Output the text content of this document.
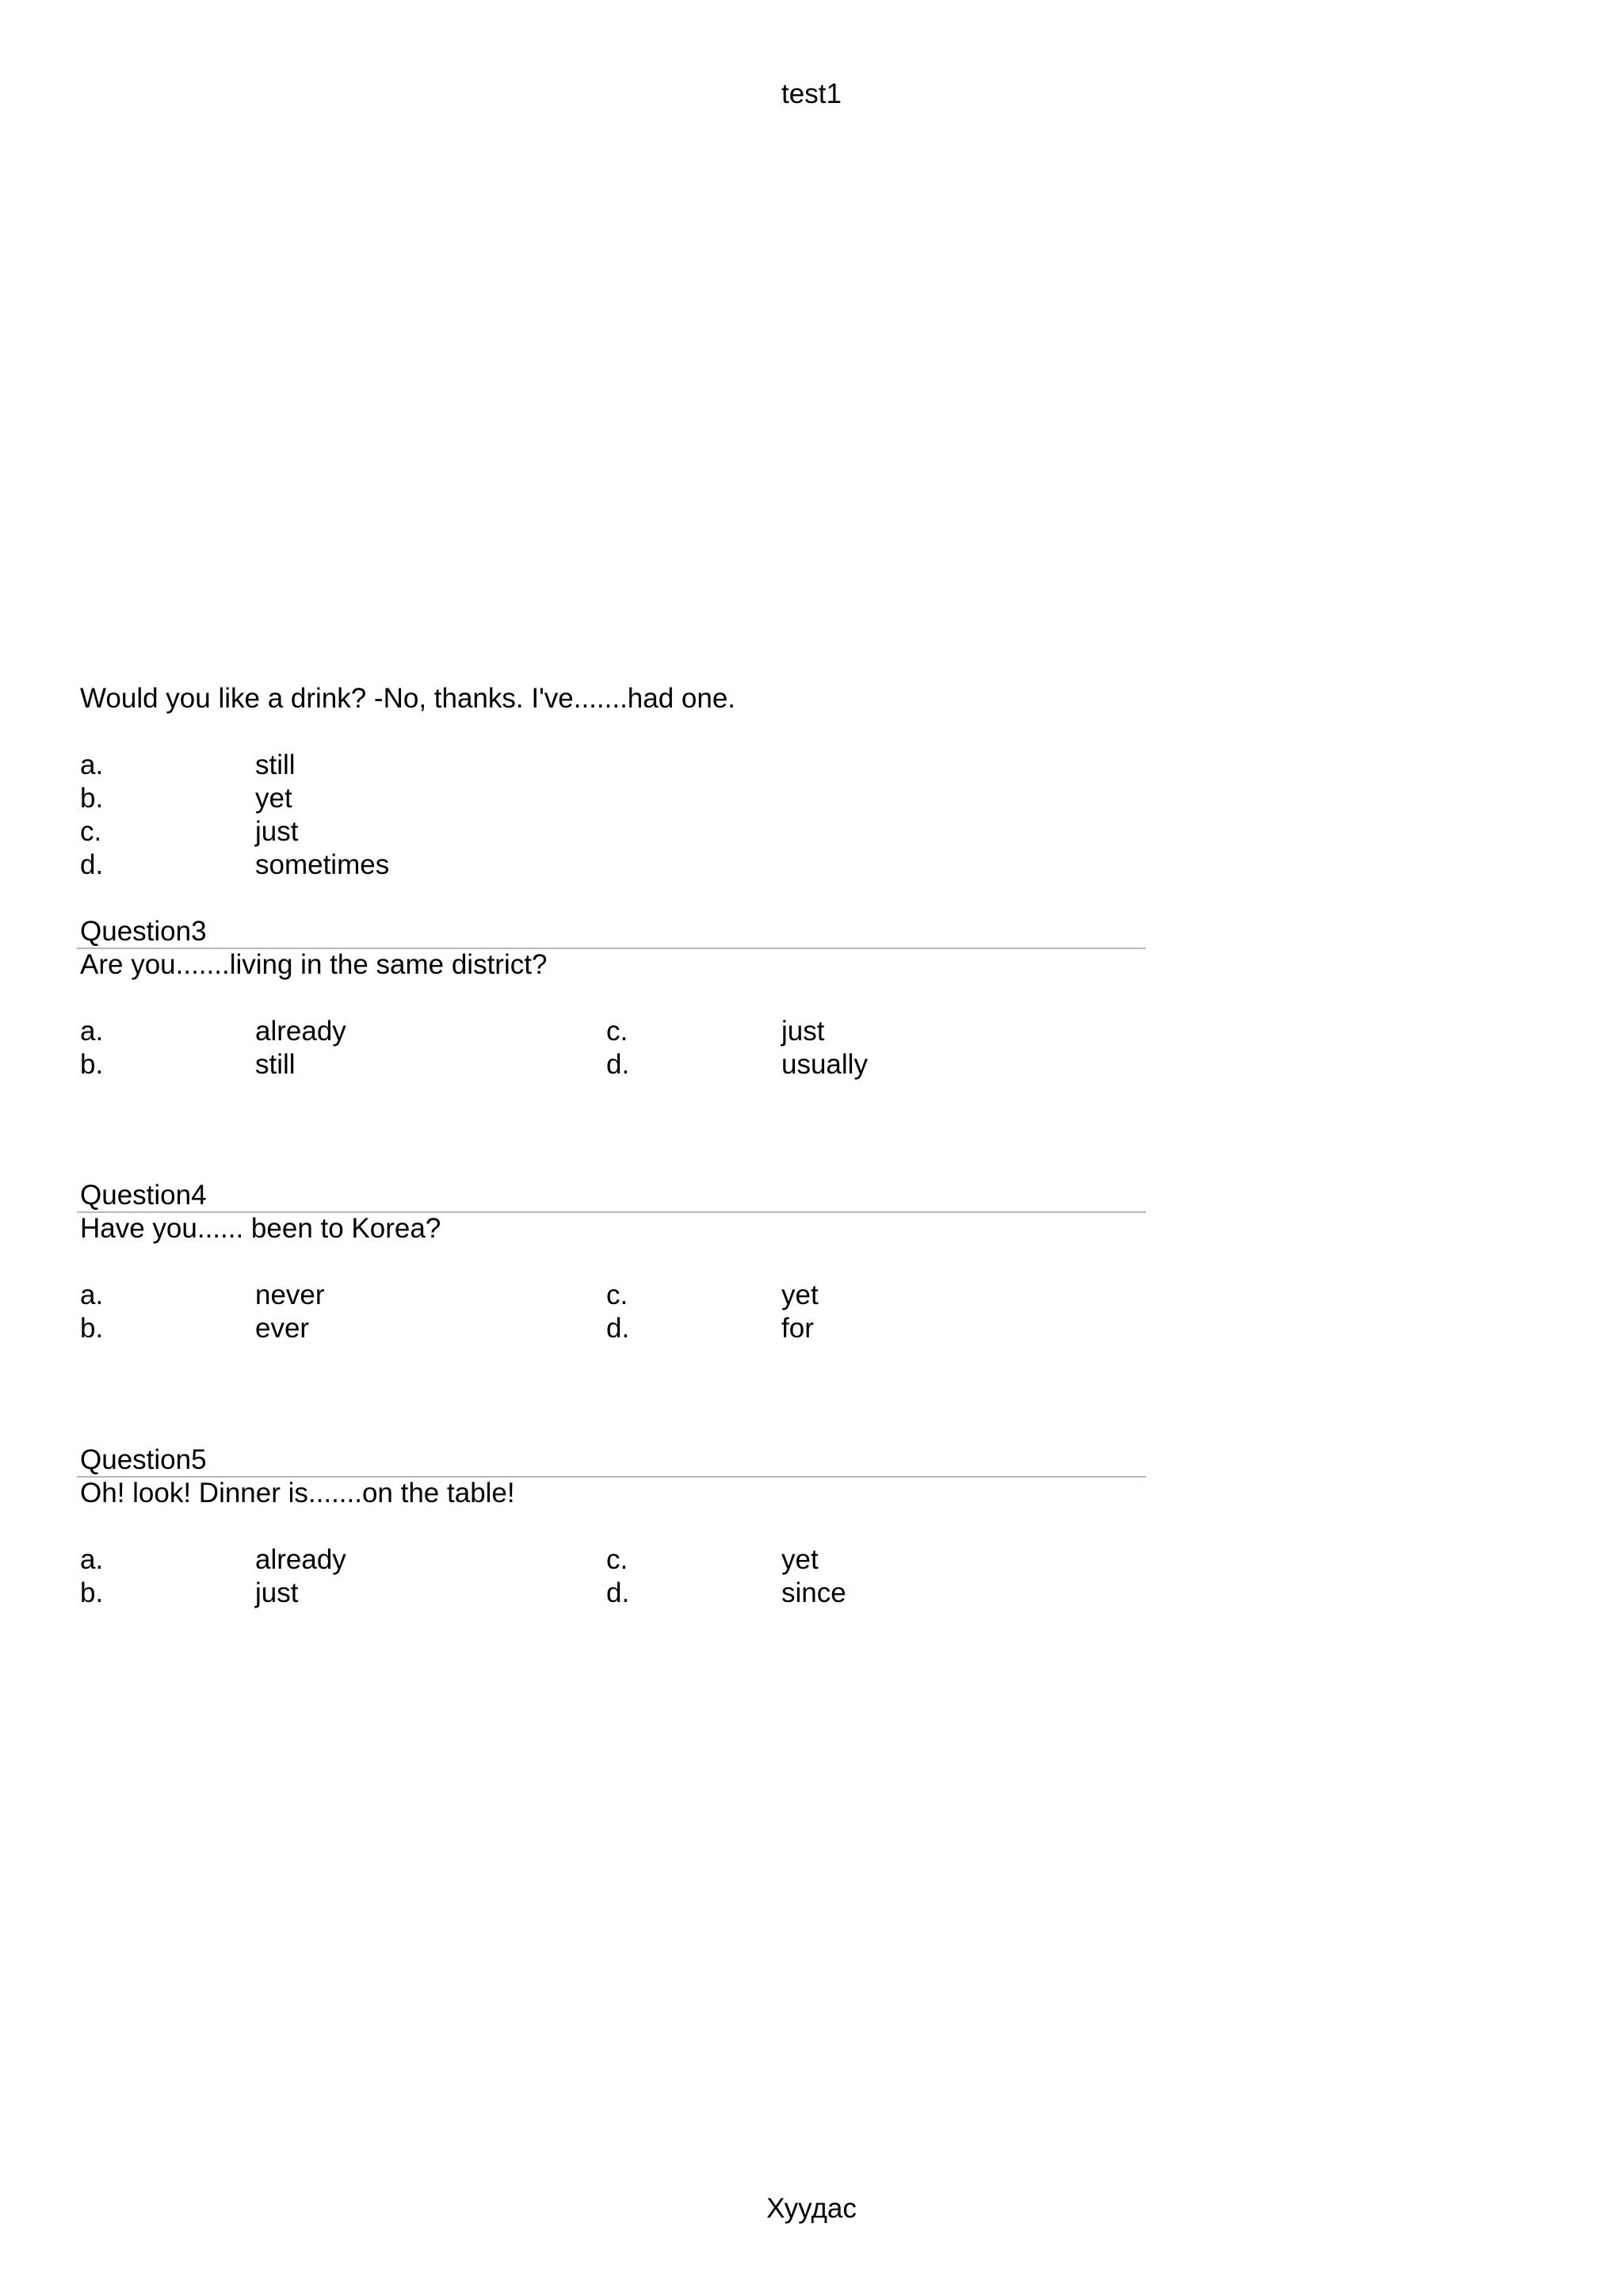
test1
Would you like a drink? -No, thanks. I've.......had one.
a.	still
b.	yet
c.	just
d.	sometimes
Question3
Are you.......living in the same district?
a.	already	c.	just
b.	still	d.	usually
Question4
Have you...... been to Korea?
a.	never	c.	yet
b.	ever	d.	for
Question5
Oh! look! Dinner is.......on the table!
a.	already	c.	yet
b.	just	d.	since
Хуудас
